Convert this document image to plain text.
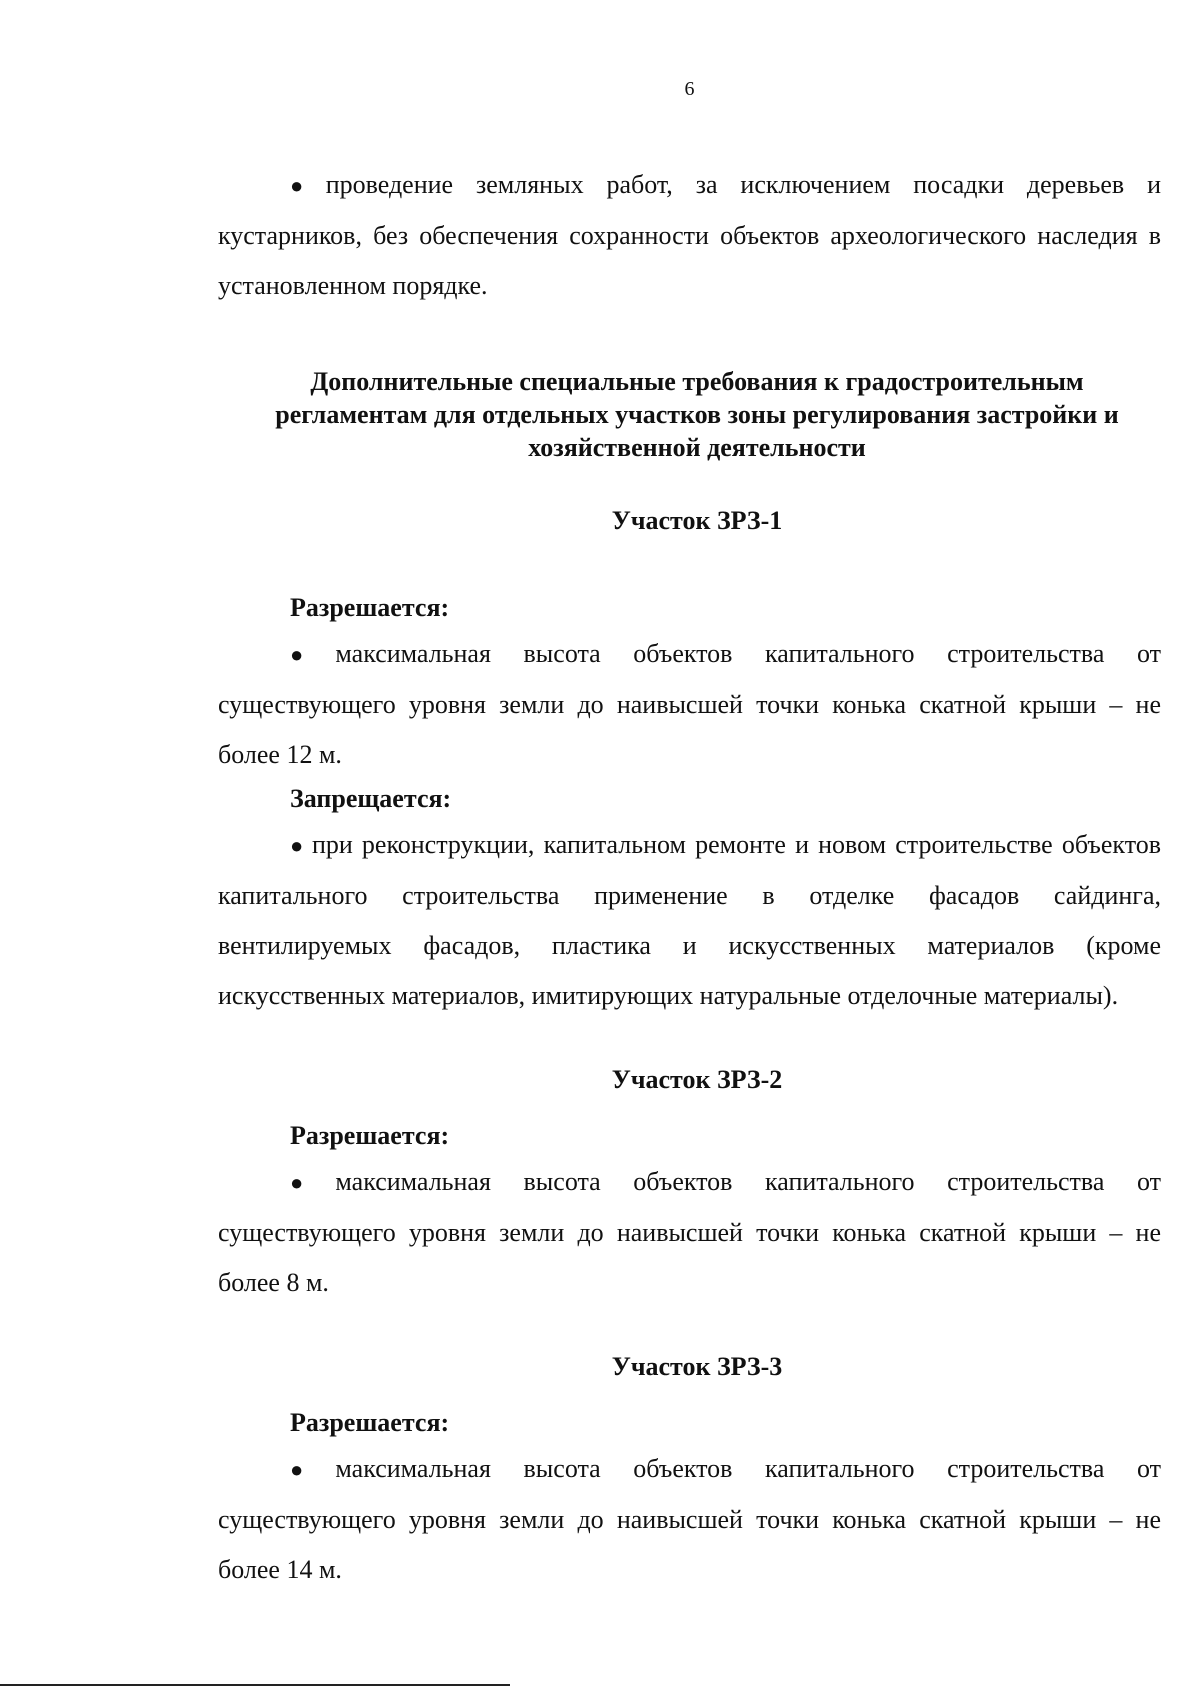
6

● проведение земляных работ, за исключением посадки деревьев и кустарников, без обеспечения сохранности объектов археологического наследия в установленном порядке.

Дополнительные специальные требования к градостроительным регламентам для отдельных участков зоны регулирования застройки и хозяйственной деятельности

Участок ЗРЗ-1

Разрешается:

● максимальная высота объектов капитального строительства от существующего уровня земли до наивысшей точки конька скатной крыши – не более 12 м.

Запрещается:

● при реконструкции, капитальном ремонте и новом строительстве объектов капитального строительства применение в отделке фасадов сайдинга, вентилируемых фасадов, пластика и искусственных материалов (кроме искусственных материалов, имитирующих натуральные отделочные материалы).

Участок ЗРЗ-2

Разрешается:

● максимальная высота объектов капитального строительства от существующего уровня земли до наивысшей точки конька скатной крыши – не более 8 м.

Участок ЗРЗ-3

Разрешается:

● максимальная высота объектов капитального строительства от существующего уровня земли до наивысшей точки конька скатной крыши – не более 14 м.
